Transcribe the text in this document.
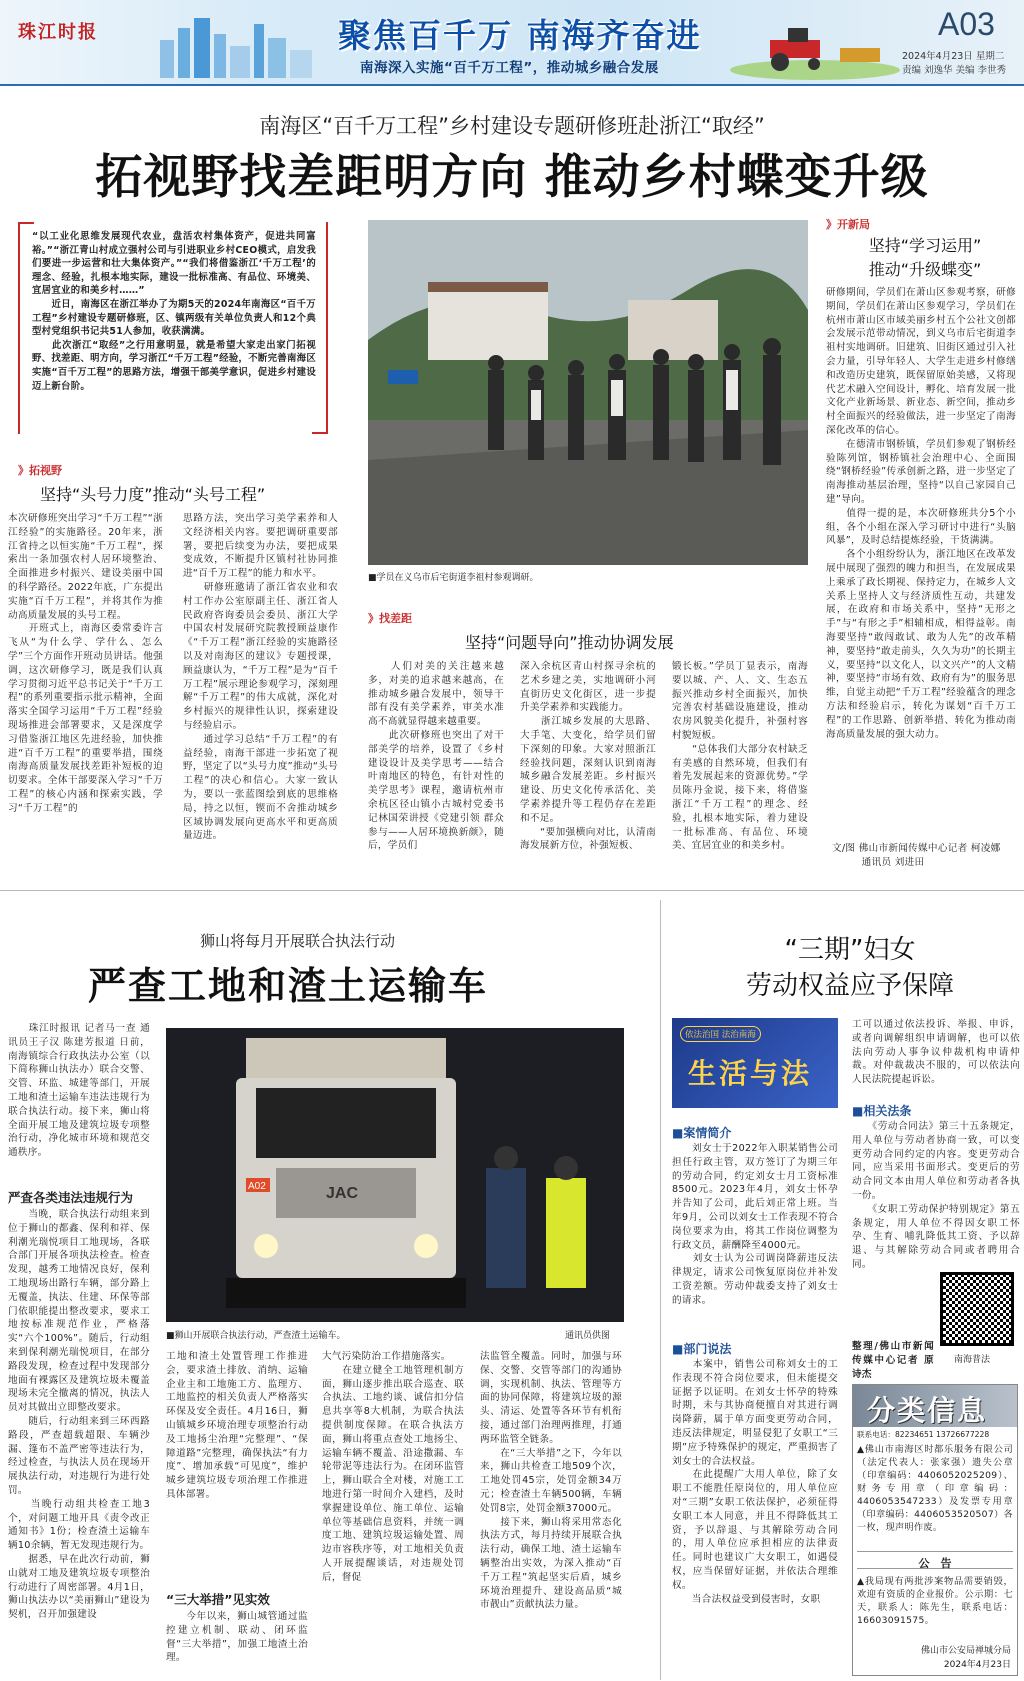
珠江时报	聚焦百千万 南海齐奋进
南海深入实施“百千万工程”，推动城乡融合发展
A03
2024年4月23日 星期二
责编 刘逸华 美编 李世秀
南海区“百千万工程”乡村建设专题研修班赴浙江“取经”
拓视野找差距明方向 推动乡村蝶变升级
“以工业化思维发展现代农业，盘活农村集体资产，促进共同富裕。”“浙江青山村成立强村公司与引进职业乡村CEO模式，启发我们要进一步运营和壮大集体资产。”“我们将借鉴浙江‘千万工程’的理念、经验，扎根本地实际，建设一批标准高、有品位、环境美、宜居宜业的和美乡村……”
　　近日，南海区在浙江举办了为期5天的2024年南海区“百千万工程”乡村建设专题研修班，区、镇两级有关单位负责人和12个典型村党组织书记共51人参加，收获满满。
　　此次浙江“取经”之行用意明显，就是希望大家走出家门拓视野、找差距、明方向，学习浙江“千万工程”经验，不断完善南海区实施“百千万工程”的思路方法，增强干部美学意识，促进乡村建设迈上新台阶。
■学员在义乌市后宅街道李祖村参观调研。
》拓视野
坚持“头号力度”推动“头号工程”
本次研修班突出学习“千万工程”“浙江经验”的实施路径。20年来，浙江省持之以恒实施“千万工程”，探索出一条加强农村人居环境整治、全面推进乡村振兴、建设美丽中国的科学路径。2022年底，广东提出实施“百千万工程”，并将其作为推动高质量发展的头号工程。
　　开班式上，南海区委常委许言飞从“为什么学、学什么、怎么学”三个方面作开班动员讲话。他强调，这次研修学习，既是我们认真学习贯彻习近平总书记关于“千万工程”的系列重要指示批示精神，全面落实全国学习运用“千万工程”经验现场推进会部署要求，又是深度学习借鉴浙江地区先进经验，加快推进“百千万工程”的重要举措，围绕南海高质量发展找差距补短板的迫切要求。全体干部要深入学习“千万工程”的核心内涵和探索实践，学习“千万工程”的
思路方法，突出学习美学素养和人文经济相关内容。要把调研重要部署，要把后续变为办法，要把成果变成效，不断提升区镇村社协同推进“百千万工程”的能力和水平。
　　研修班邀请了浙江省农业和农村工作办公室原副主任、浙江省人民政府咨询委员会委员、浙江大学中国农村发展研究院教授顾益康作《“千万工程”浙江经验的实施路径以及对南海区的建议》专题授课，顾益康认为，“千万工程”是为“百千万工程”展示理论参观学习，深刻理解“千万工程”的伟大成就，深化对乡村振兴的规律性认识，探索建设与经验启示。
　　通过学习总结“千万工程”的有益经验，南海干部进一步拓宽了视野，坚定了以“头号力度”推动“头号工程”的决心和信心。大家一致认为，要以一张蓝图绘到底的思维格局，持之以恒，锲而不舍推动城乡区域协调发展向更高水平和更高质量迈进。
》找差距
坚持“问题导向”推动协调发展
　　人们对美的关注越来越多，对美的追求越来越高，在推动城乡融合发展中，领导干部有没有美学素养，审美水准高不高就显得越来越重要。
　　此次研修班也突出了对干部美学的培养，设置了《乡村建设设计及美学思考——结合叶南地区的特色，有针对性的美学思考》课程，邀请杭州市余杭区径山镇小古城村党委书记林国荣讲授《党建引领 群众参与——人居环境换新颜》，随后，学员们
深入余杭区青山村探寻余杭的艺术乡建之美，实地调研小河直街历史文化街区，进一步提升美学素养和实践能力。
　　浙江城乡发展的大思路、大手笔、大变化，给学员们留下深刻的印象。大家对照浙江经验找问题，深刻认识到南海城乡融合发展差距。乡村振兴建设、历史文化传承活化、美学素养提升等工程仍存在差距和不足。
　　“要加强横向对比，认清南海发展新方位，补强短板、
锻长板。”学员丁显表示，南海要以城、产、人、文、生态五振兴推动乡村全面振兴，加快完善农村基础设施建设，推动农房风貌美化提升，补强村容村貌短板。
　　“总体我们大部分农村缺乏有美感的自然环境，但我们有着先发展起来的资源优势。”学员陈丹金说，接下来，将借鉴浙江“千万工程”的理念、经验，扎根本地实际，着力建设一批标准高、有品位、环境美、宜居宜业的和美乡村。
》开新局
坚持“学习运用”
推动“升级蝶变”
研修期间，学员们在萧山区参观考察，研修期间，学员们在萧山区参观学习，学员们在杭州市萧山区市域美丽乡村五个公社文创都会发展示范带动情况，到义乌市后宅街道李祖村实地调研。旧建筑、旧街区通过引入社会力量，引导年轻人、大学生走进乡村修缮和改造历史建筑，既保留原始美感，又将现代艺术融入空间设计，孵化、培育发展一批文化产业新场景、新业态、新空间，推动乡村全面振兴的经验做法，进一步坚定了南海深化改革的信心。
　　在德清市钢桥镇，学员们参观了钢桥经验陈列馆，钢桥镇社会治理中心、全面围绕“钢桥经验”传承创新之路，进一步坚定了南海推动基层治理，坚持“以自己家园自己建”导向。
　　值得一提的是，本次研修班共分5个小组，各个小组在深入学习研讨中进行“头脑风暴”，及时总结提炼经验，干货满满。
　　各个小组纷纷认为，浙江地区在改革发展中展现了强烈的魄力和担当，在发展成果上乘承了政长期视、保持定力，在城乡人文关系上坚持人文与经济质性互动，共建发展，在政府和市场关系中，坚持“无形之手”与“有形之手”相辅相成，相得益彰。南海要坚持“敢闯敢试、敢为人先”的改革精神，要坚持“敢走前头，久久为功”的长期主义，要坚持“以文化人，以文兴产”的人文精神，要坚持“市场有效、政府有为”的服务思维，自觉主动把“千万工程”经验蕴含的理念方法和经验启示，转化为谋划“百千万工程”的工作思路、创新举措、转化为推动南海高质量发展的强大动力。
文/图 佛山市新闻传媒中心记者 柯凌娜
　　　通讯员 刘进田
狮山将每月开展联合执法行动
严查工地和渣土运输车
　　珠江时报讯 记者马一查 通讯员王子汉 陈建芳报道 日前，南海镇综合行政执法办公室（以下简称狮山执法办）联合交警、交管、环监、城建等部门，开展工地和渣土运输车违法违规行为联合执法行动。接下来，狮山将全面开展工地及建筑垃圾专项整治行动，净化城市环境和规范交通秩序。
严查各类违法违规行为
　　当晚，联合执法行动组来到位于狮山的都鑫、保利和祥、保利潮光瑞悦项目工地现场，各联合部门开展各项执法检查。检查发现，越秀工地情况良好，保利工地现场出路行车辆，部分路上无覆盖，执法、住建、环保等部门依职能提出整改要求，要求工地按标准规范作业，严格落实“六个100%”。随后，行动组来到保利潮光瑞悦项目，在部分路段发现，检查过程中发现部分地面有裸露区及建筑垃圾未覆盖现场未完全撤离的情况，执法人员对其做出立即整改要求。
　　随后，行动组来到三环西路路段，严查超载超限、车辆沙漏、篷布不盖严密等违法行为，经过检查，与执法人员在现场开展执法行动，对违规行为进行处罚。
　　当晚行动组共检查工地3个，对问题工地开具《责令改正通知书》1份；检查渣土运输车辆10余辆，暂无发现违规行为。
　　据悉，早在此次行动前，狮山就对工地及建筑垃圾专项整治行动进行了周密部署。4月1日，狮山执法办以“美丽狮山”建设为契机，召开加强建设
A02	JAC
■狮山开展联合执法行动，严查渣土运输车。	通讯员供图
工地和渣土处置管理工作推进会，要求渣土排放、消纳、运输企业主和工地施工方、监理方、工地监控的相关负责人严格落实环保及安全责任。4月16日，狮山镇城乡环境治理专项整治行动及工地扬尘治理“完整理”、“保障道路”完整理，确保执法“有力度”、增加承载“可见度”，维护城乡建筑垃圾专项治理工作推进具体部署。
“三大举措”见实效
　　今年以来，狮山城管通过监控建立机制、联动、闭环监督“三大举措”，加强工地渣土治理。
大气污染防治工作措施落实。
　　在建立健全工地管理机制方面，狮山逐步推出联合巡查、联合执法、工地约谈、诚信扣分信息共享等8大机制，为联合执法提供制度保障。在联合执法方面，狮山将重点查处工地扬尘、运输车辆不覆盖、沿途撒漏、车轮带泥等违法行为。在闭环监管上，狮山联合全对楼，对施工工地进行第一时间介入建档，及时掌握建设单位、施工单位、运输单位等基础信息资料，并统一调度工地、建筑垃圾运输处置、周边市容秩序等，对工地相关负责人开展提醒谈话，对违规处罚后，督促
法监管全覆盖。同时，加强与环保、交警、交管等部门的沟通协调，实现机制、执法、管理等方面的协同保障，将建筑垃圾的源头、清运、处置等各环节有机衔接，通过部门治理两推理，打通两环监管全链条。
　　在“三大举措”之下，今年以来，狮山共检查工地509个次，工地处罚45宗，处罚金额34万元；检查渣土车辆500辆，车辆处罚8宗，处罚金额37000元。
　　接下来，狮山将采用常态化执法方式，每月持续开展联合执法行动，确保工地、渣土运输车辆整治出实效，为深入推动“百千万工程”筑起坚实后盾，城乡环境治理提升、建设高品质“城市靓山”贡献执法力量。
“三期”妇女
劳动权益应予保障
依法治国 法治南海
生活与法
■案情简介
　　刘女士于2022年入职某销售公司担任行政主管，双方签订了为期三年的劳动合同，约定刘女士月工资标准8500元。2023年4月，刘女士怀孕并告知了公司，此后刘正常上班。当年9月，公司以刘女士工作表现不符合岗位要求为由，将其工作岗位调整为行政文员，薪酬降至4000元。
　　刘女士认为公司调岗降薪违反法律规定，请求公司恢复原岗位并补发工资差额。劳动仲裁委支持了刘女士的请求。
■部门说法
　　本案中，销售公司称刘女士的工作表现不符合岗位要求，但未能提交证据予以证明。在刘女士怀孕的特殊时期，未与其协商便擅自对其进行调岗降薪，属于单方面变更劳动合同，违反法律规定，明显侵犯了女职工“三期”应予特殊保护的规定，严重损害了刘女士的合法权益。
　　在此提醒广大用人单位，除了女职工不能胜任原岗位的，用人单位应对“三期”女职工依法保护，必须征得女职工本人同意，并且不得降低其工资，予以辞退、与其解除劳动合同的，用人单位应承担相应的法律责任。同时也建议广大女职工，如遇侵权，应当保留好证据，并依法合理维权。
　　当合法权益受到侵害时，女职
工可以通过依法投诉、举报、申诉，或者向调解组织申请调解，也可以依法向劳动人事争议仲裁机构申请仲裁。对仲裁裁决不服的，可以依法向人民法院提起诉讼。
■相关法条
　　《劳动合同法》第三十五条规定，用人单位与劳动者协商一致，可以变更劳动合同约定的内容。变更劳动合同，应当采用书面形式。变更后的劳动合同文本由用人单位和劳动者各执一份。
　　《女职工劳动保护特别规定》第五条规定，用人单位不得因女职工怀孕、生育、哺乳降低其工资、予以辞退、与其解除劳动合同或者聘用合同。
整理/佛山市新闻传媒中心记者 原诗杰
南海普法
分类信息
联系电话：82234651 13726677228
▲佛山市南海区时都乐服务有限公司（法定代表人：张家强）遗失公章（印章编码：4406052025209）、财务专用章（印章编码：4406053547233）及发票专用章（印章编码：4406053520507）各一枚，现声明作废。
公　告
▲我局现有两批涉案物品需要销毁，欢迎有资质的企业报价。公示期：七天，联系人：陈先生，联系电话：16603091575。
佛山市公安局禅城分局
2024年4月23日
